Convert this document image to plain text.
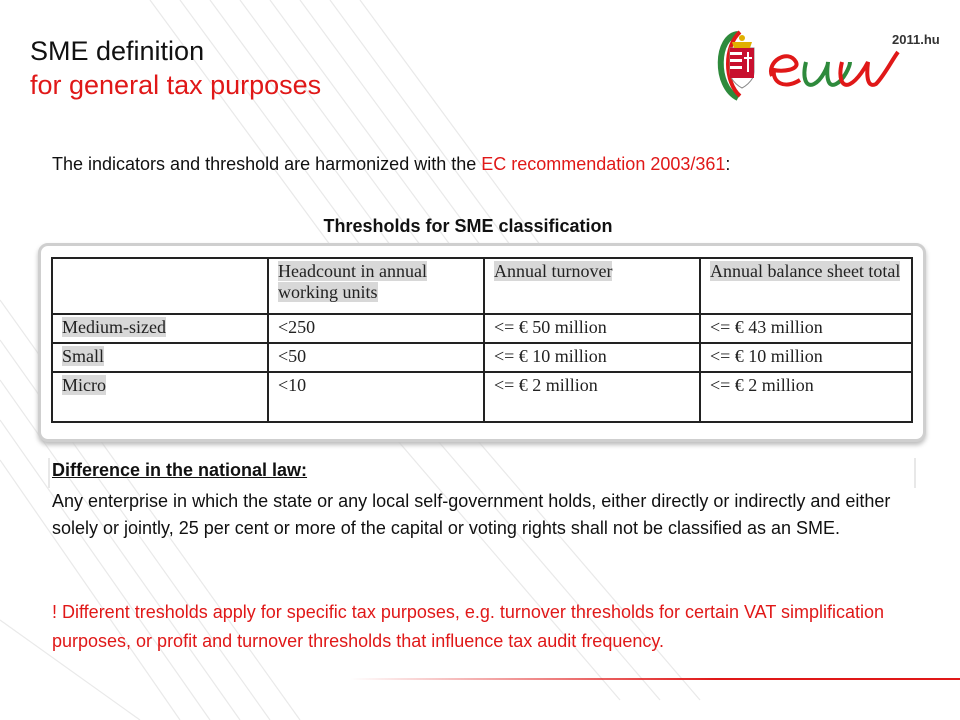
SME definition
for general tax purposes
2011.hu
The indicators and threshold are harmonized with the EC recommendation 2003/361:
Thresholds for SME classification
	Headcount in annual working units	Annual turnover	Annual balance sheet total
Medium-sized	<250	<= € 50 million	<= € 43 million
Small	<50	<= € 10 million	<= € 10 million
Micro	<10	<= € 2 million	<= € 2 million
Difference in the national law:
Any enterprise in which the state or any local self-government holds, either directly or indirectly and either solely or jointly, 25 per cent or more of the capital or voting rights shall not be classified as an SME.
! Different tresholds apply for specific tax purposes, e.g. turnover thresholds for certain VAT simplification purposes, or profit and turnover thresholds that influence tax audit frequency.
